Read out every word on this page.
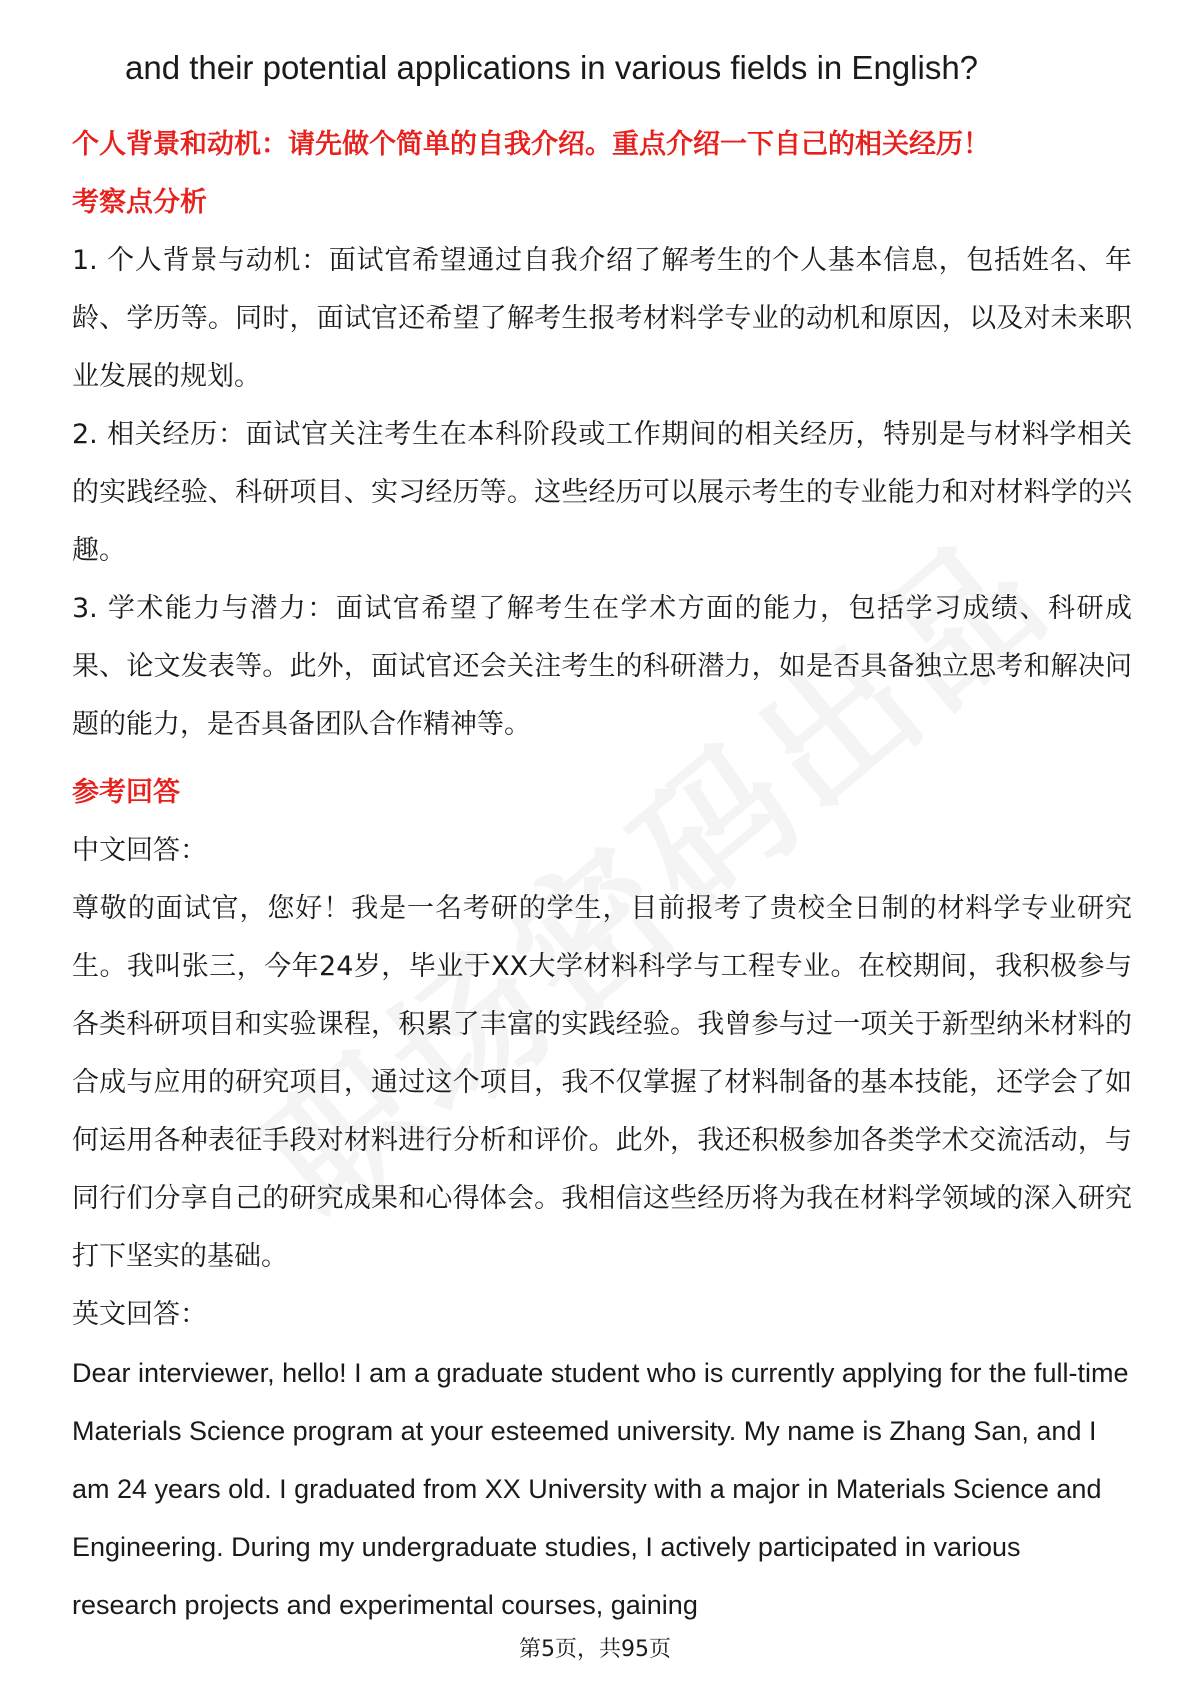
and their potential applications in various fields in English?

个人背景和动机：请先做个简单的自我介绍。重点介绍一下自己的相关经历！

考察点分析

1. 个人背景与动机：面试官希望通过自我介绍了解考生的个人基本信息，包括姓名、年龄、学历等。同时，面试官还希望了解考生报考材料学专业的动机和原因，以及对未来职业发展的规划。

2. 相关经历：面试官关注考生在本科阶段或工作期间的相关经历，特别是与材料学相关的实践经验、科研项目、实习经历等。这些经历可以展示考生的专业能力和对材料学的兴趣。

3. 学术能力与潜力：面试官希望了解考生在学术方面的能力，包括学习成绩、科研成果、论文发表等。此外，面试官还会关注考生的科研潜力，如是否具备独立思考和解决问题的能力，是否具备团队合作精神等。

参考回答

中文回答：

尊敬的面试官，您好！我是一名考研的学生，目前报考了贵校全日制的材料学专业研究生。我叫张三，今年24岁，毕业于XX大学材料科学与工程专业。在校期间，我积极参与各类科研项目和实验课程，积累了丰富的实践经验。我曾参与过一项关于新型纳米材料的合成与应用的研究项目，通过这个项目，我不仅掌握了材料制备的基本技能，还学会了如何运用各种表征手段对材料进行分析和评价。此外，我还积极参加各类学术交流活动，与同行们分享自己的研究成果和心得体会。我相信这些经历将为我在材料学领域的深入研究打下坚实的基础。

英文回答：

Dear interviewer, hello! I am a graduate student who is currently applying for the full-time Materials Science program at your esteemed university. My name is Zhang San, and I am 24 years old. I graduated from XX University with a major in Materials Science and Engineering. During my undergraduate studies, I actively participated in various research projects and experimental courses, gaining

第5页，共95页
